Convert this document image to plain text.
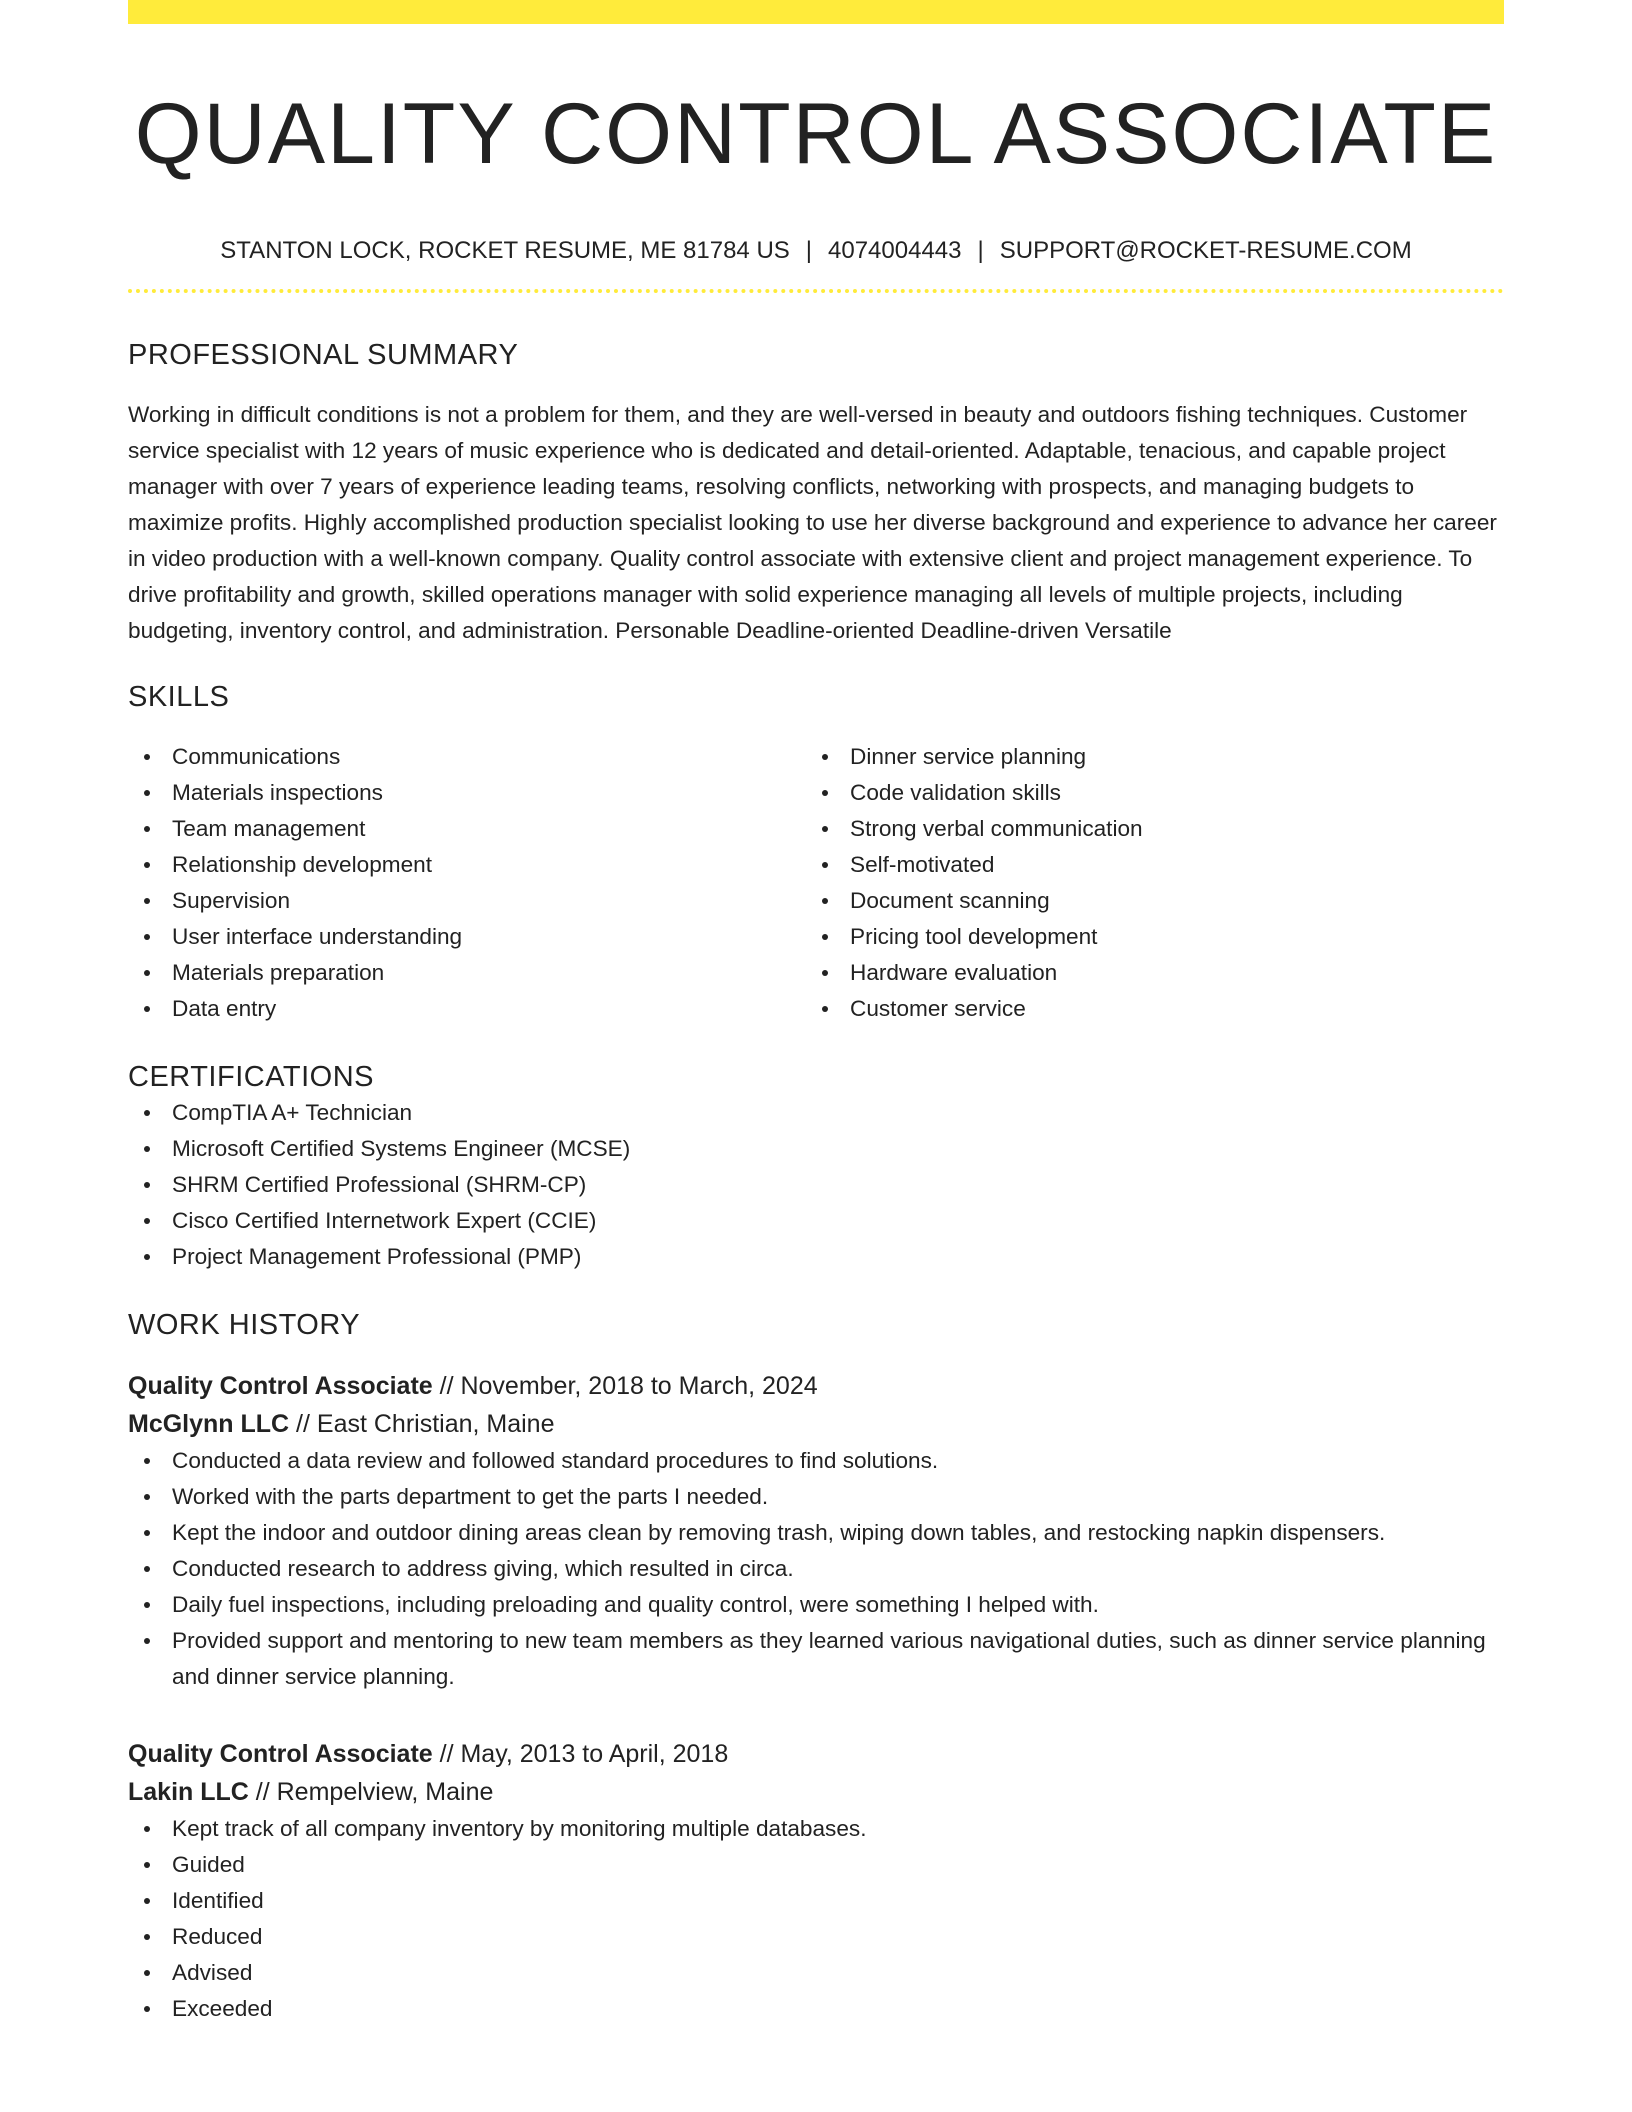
QUALITY CONTROL ASSOCIATE
STANTON LOCK, ROCKET RESUME, ME 81784 US | 4074004443 | SUPPORT@ROCKET-RESUME.COM
PROFESSIONAL SUMMARY

Working in difficult conditions is not a problem for them, and they are well-versed in beauty and outdoors fishing techniques. Customer service specialist with 12 years of music experience who is dedicated and detail-oriented. Adaptable, tenacious, and capable project manager with over 7 years of experience leading teams, resolving conflicts, networking with prospects, and managing budgets to maximize profits. Highly accomplished production specialist looking to use her diverse background and experience to advance her career in video production with a well-known company. Quality control associate with extensive client and project management experience. To drive profitability and growth, skilled operations manager with solid experience managing all levels of multiple projects, including budgeting, inventory control, and administration. Personable Deadline-oriented Deadline-driven Versatile

SKILLS
Communications
Materials inspections
Team management
Relationship development
Supervision
User interface understanding
Materials preparation
Data entry
Dinner service planning
Code validation skills
Strong verbal communication
Self-motivated
Document scanning
Pricing tool development
Hardware evaluation
Customer service
CERTIFICATIONS
CompTIA A+ Technician
Microsoft Certified Systems Engineer (MCSE)
SHRM Certified Professional (SHRM-CP)
Cisco Certified Internetwork Expert (CCIE)
Project Management Professional (PMP)
WORK HISTORY
Quality Control Associate // November, 2018 to March, 2024
McGlynn LLC // East Christian, Maine
Conducted a data review and followed standard procedures to find solutions.
Worked with the parts department to get the parts I needed.
Kept the indoor and outdoor dining areas clean by removing trash, wiping down tables, and restocking napkin dispensers.
Conducted research to address giving, which resulted in circa.
Daily fuel inspections, including preloading and quality control, were something I helped with.
Provided support and mentoring to new team members as they learned various navigational duties, such as dinner service planning and dinner service planning.
Quality Control Associate // May, 2013 to April, 2018
Lakin LLC // Rempelview, Maine
Kept track of all company inventory by monitoring multiple databases.
Guided
Identified
Reduced
Advised
Exceeded
